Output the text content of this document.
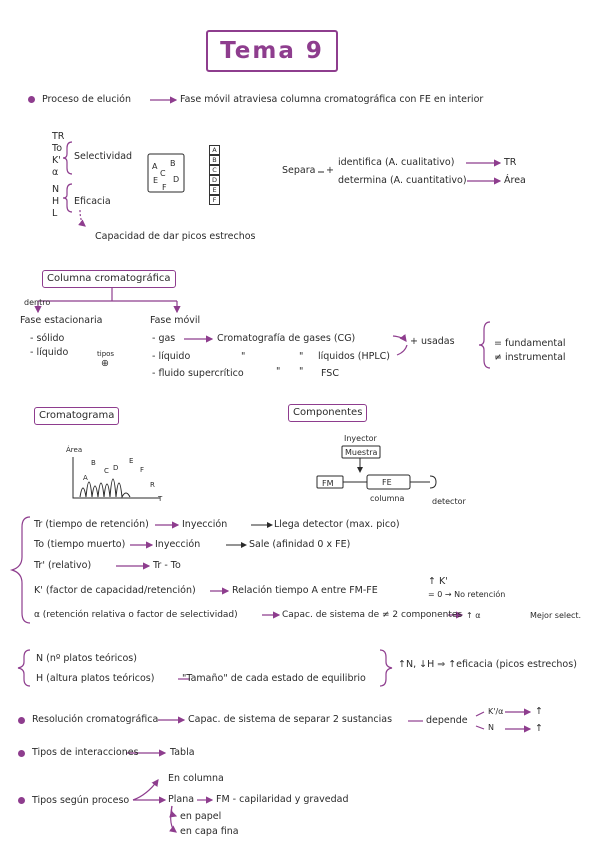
Tema 9
Proceso de elución	Fase móvil atraviesa columna cromatográfica con FE en interior
TR
To
K'
α
N
H
L
Selectividad
Eficacia
Capacidad de dar picos estrechos
A B
C
E D
F
A
B
C
D
E
F
Separa +
identifica (A. cualitativo)	TR
determina (A. cuantitativo)	Área
Columna cromatográfica
dentro
Fase estacionaria
- sólido
- líquido	tipos
⊕
Fase móvil
- gas
- líquido
- fluido supercrítico
Cromatografía de gases (CG)
"	" líquidos (HPLC)
" " FSC
+ usadas	= fundamental
≠ instrumental
Cromatograma
Área
T
A
B
C D
E
F
R
Componentes
Inyector
Muestra
FM	FE
columna	detector
Tr (tiempo de retención)	Inyección	Llega detector (max. pico)
To (tiempo muerto)	Inyección	Sale (afinidad 0 x FE)
Tr' (relativo)	Tr - To
K' (factor de capacidad/retención)	Relación tiempo A entre FM-FE
↑ K'
= 0 → No retención
α (retención relativa o factor de selectividad)	Capac. de sistema de ≠ 2 componentes ↑ α	Mejor select.
N (nº platos teóricos)
H (altura platos teóricos)	"Tamaño" de cada estado de equilibrio
↑N, ↓H ⇒ ↑eficacia (picos estrechos)
Resolución cromatográfica	Capac. de sistema de separar 2 sustancias	depende
K'/α
N
↑
↑
Tipos de interacciones	Tabla
Tipos según proceso
En columna
Plana FM - capilaridad y gravedad
en papel
en capa fina
